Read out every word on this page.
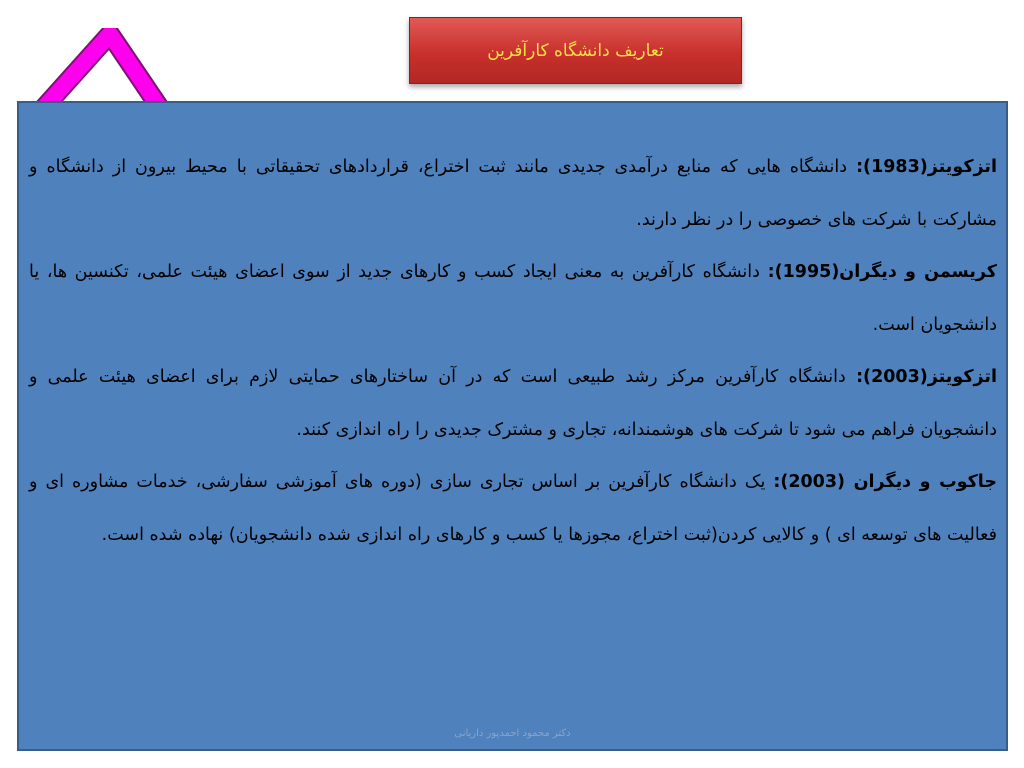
تعاریف دانشگاه کارآفرین

اتزکویتز(1983): دانشگاه هایی که منابع درآمدی جدیدی مانند ثبت اختراع، قراردادهای تحقیقاتی با محیط بیرون از دانشگاه و مشارکت با شرکت های خصوصی را در نظر دارند.

کریسمن و دیگران(1995): دانشگاه کارآفرین به معنی ایجاد کسب و کارهای جدید از سوی اعضای هیئت علمی، تکنسین ها، یا دانشجویان است.

اتزکویتز(2003): دانشگاه کارآفرین مرکز رشد طبیعی است که در آن ساختارهای حمایتی لازم برای اعضای هیئت علمی و دانشجویان فراهم می شود تا شرکت های هوشمندانه، تجاری و مشترک جدیدی را راه اندازی کنند.

جاکوب و دیگران (2003): یک دانشگاه کارآفرین بر اساس تجاری سازی (دوره های آموزشی سفارشی، خدمات مشاوره ای و فعالیت های توسعه ای ) و کالایی کردن(ثبت اختراع، مجوزها یا کسب و کارهای راه اندازی شده دانشجویان) نهاده شده است.

دکتر محمود احمدپور داریانی
